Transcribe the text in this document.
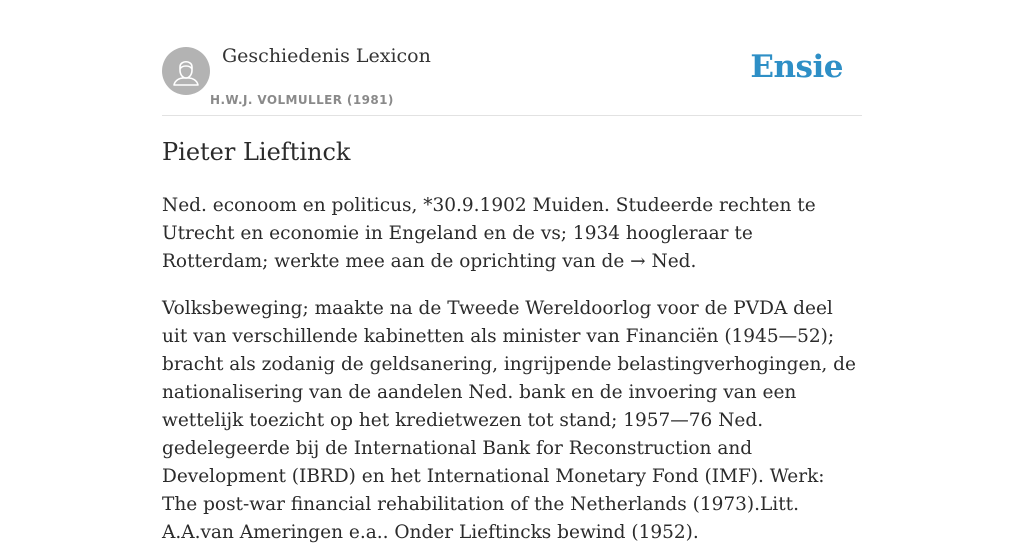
Geschiedenis Lexicon
H.W.J. VOLMULLER (1981)
Ensie
Pieter Lieftinck

Ned. econoom en politicus, *30.9.1902 Muiden. Studeerde rechten te Utrecht en economie in Engeland en de vs; 1934 hoogleraar te Rotterdam; werkte mee aan de oprichting van de → Ned.

Volksbeweging; maakte na de Tweede Wereldoorlog voor de PVDA deel uit van verschillende kabinetten als minister van Financiën (1945—52); bracht als zodanig de geldsanering, ingrijpende belastingverhogingen, de nationalisering van de aandelen Ned. bank en de invoering van een wettelijk toezicht op het kredietwezen tot stand; 1957—76 Ned. gedelegeerde bij de International Bank for Reconstruction and Development (IBRD) en het International Monetary Fond (IMF). Werk: The post-war financial rehabilitation of the Netherlands (1973).Litt. A.A.van Ameringen e.a.. Onder Lieftincks bewind (1952).
